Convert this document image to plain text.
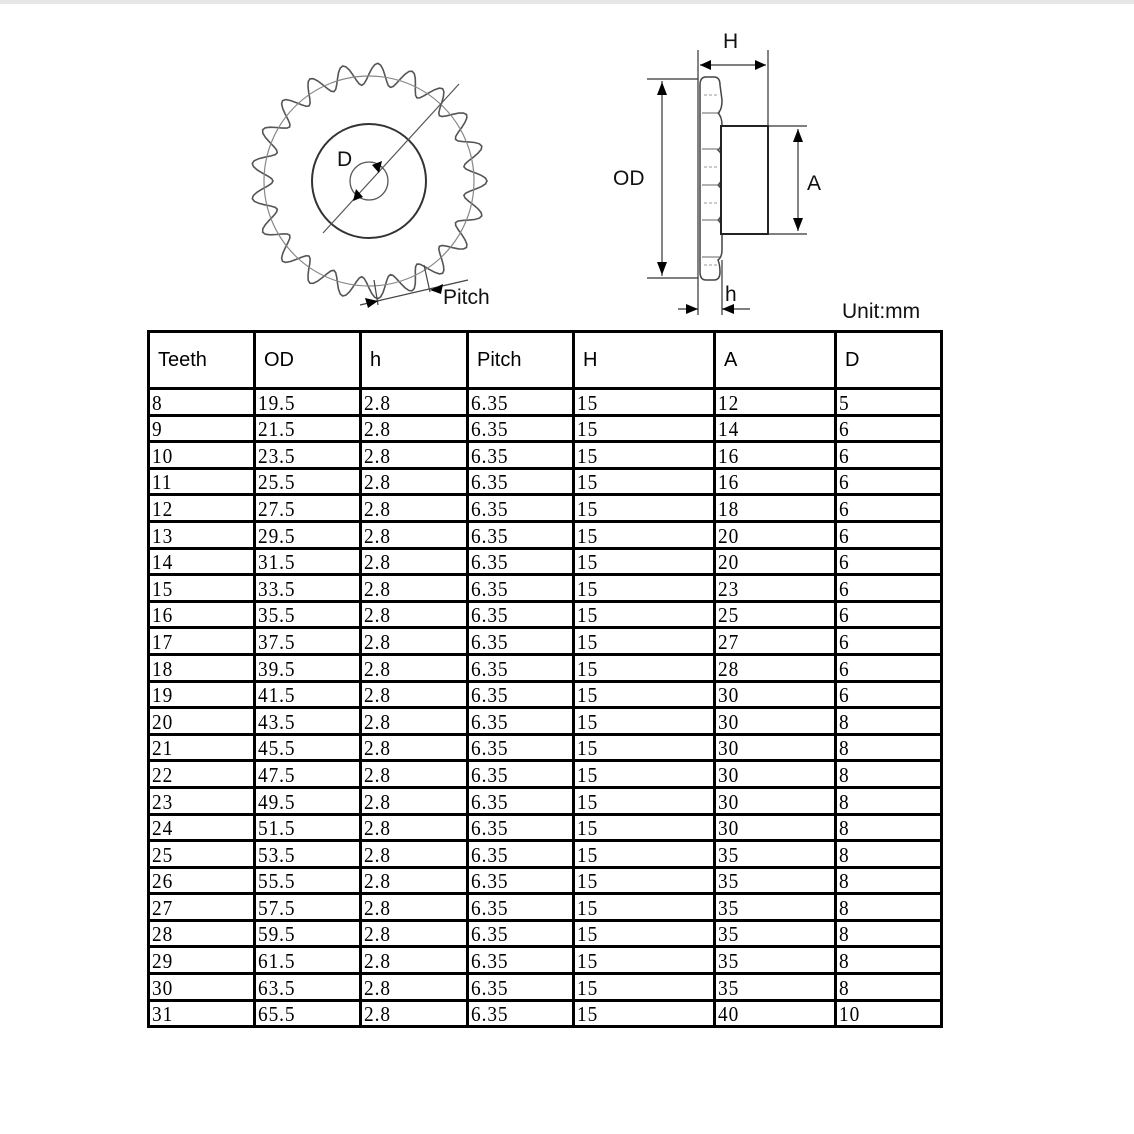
D
Pitch
H
OD	A
h
Unit:mm
Teeth	OD	h	Pitch	H	A	D
8	19.5	2.8	6.35	15	12	5
9	21.5	2.8	6.35	15	14	6
10	23.5	2.8	6.35	15	16	6
11	25.5	2.8	6.35	15	16	6
12	27.5	2.8	6.35	15	18	6
13	29.5	2.8	6.35	15	20	6
14	31.5	2.8	6.35	15	20	6
15	33.5	2.8	6.35	15	23	6
16	35.5	2.8	6.35	15	25	6
17	37.5	2.8	6.35	15	27	6
18	39.5	2.8	6.35	15	28	6
19	41.5	2.8	6.35	15	30	6
20	43.5	2.8	6.35	15	30	8
21	45.5	2.8	6.35	15	30	8
22	47.5	2.8	6.35	15	30	8
23	49.5	2.8	6.35	15	30	8
24	51.5	2.8	6.35	15	30	8
25	53.5	2.8	6.35	15	35	8
26	55.5	2.8	6.35	15	35	8
27	57.5	2.8	6.35	15	35	8
28	59.5	2.8	6.35	15	35	8
29	61.5	2.8	6.35	15	35	8
30	63.5	2.8	6.35	15	35	8
31	65.5	2.8	6.35	15	40	10
